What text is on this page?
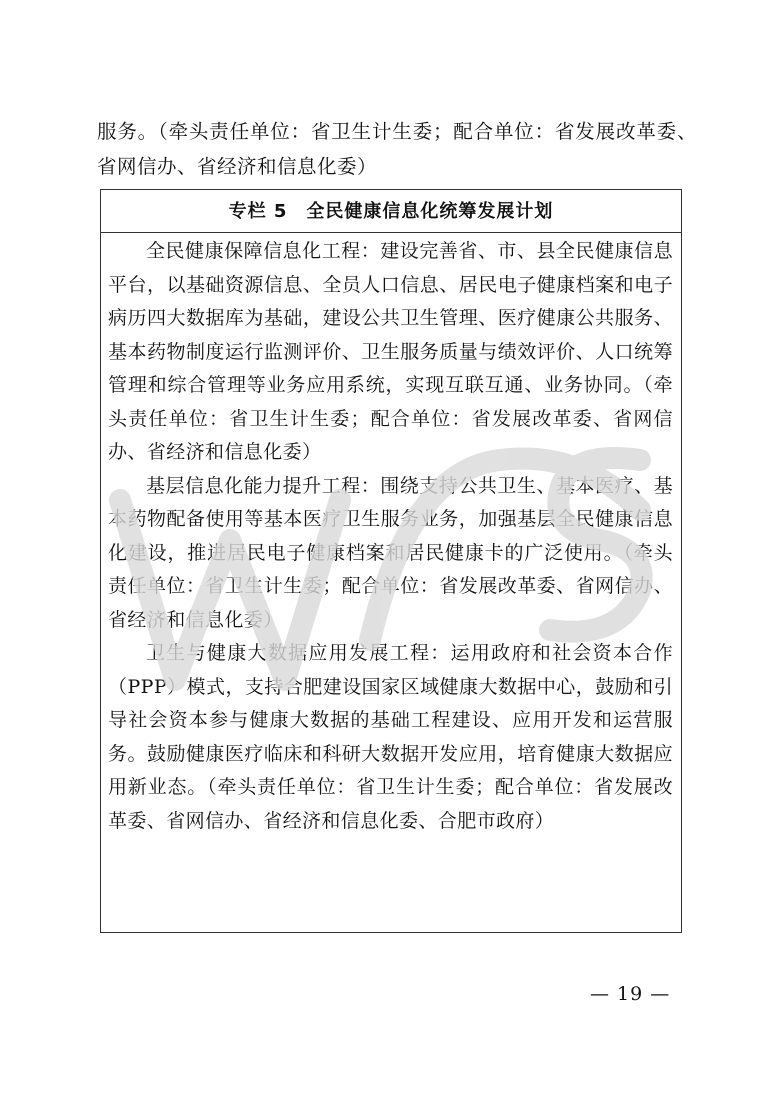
服务。（牵头责任单位：省卫生计生委；配合单位：省发展改革委、省网信办、省经济和信息化委）
专栏 5　全民健康信息化统筹发展计划

全民健康保障信息化工程：建设完善省、市、县全民健康信息平台，以基础资源信息、全员人口信息、居民电子健康档案和电子病历四大数据库为基础，建设公共卫生管理、医疗健康公共服务、基本药物制度运行监测评价、卫生服务质量与绩效评价、人口统筹管理和综合管理等业务应用系统，实现互联互通、业务协同。（牵头责任单位：省卫生计生委；配合单位：省发展改革委、省网信办、省经济和信息化委）

基层信息化能力提升工程：围绕支持公共卫生、基本医疗、基本药物配备使用等基本医疗卫生服务业务，加强基层全民健康信息化建设，推进居民电子健康档案和居民健康卡的广泛使用。（牵头责任单位：省卫生计生委；配合单位：省发展改革委、省网信办、省经济和信息化委）

卫生与健康大数据应用发展工程：运用政府和社会资本合作（PPP）模式，支持合肥建设国家区域健康大数据中心，鼓励和引导社会资本参与健康大数据的基础工程建设、应用开发和运营服务。鼓励健康医疗临床和科研大数据开发应用，培育健康大数据应用新业态。（牵头责任单位：省卫生计生委；配合单位：省发展改革委、省网信办、省经济和信息化委、合肥市政府）

— 19 —
